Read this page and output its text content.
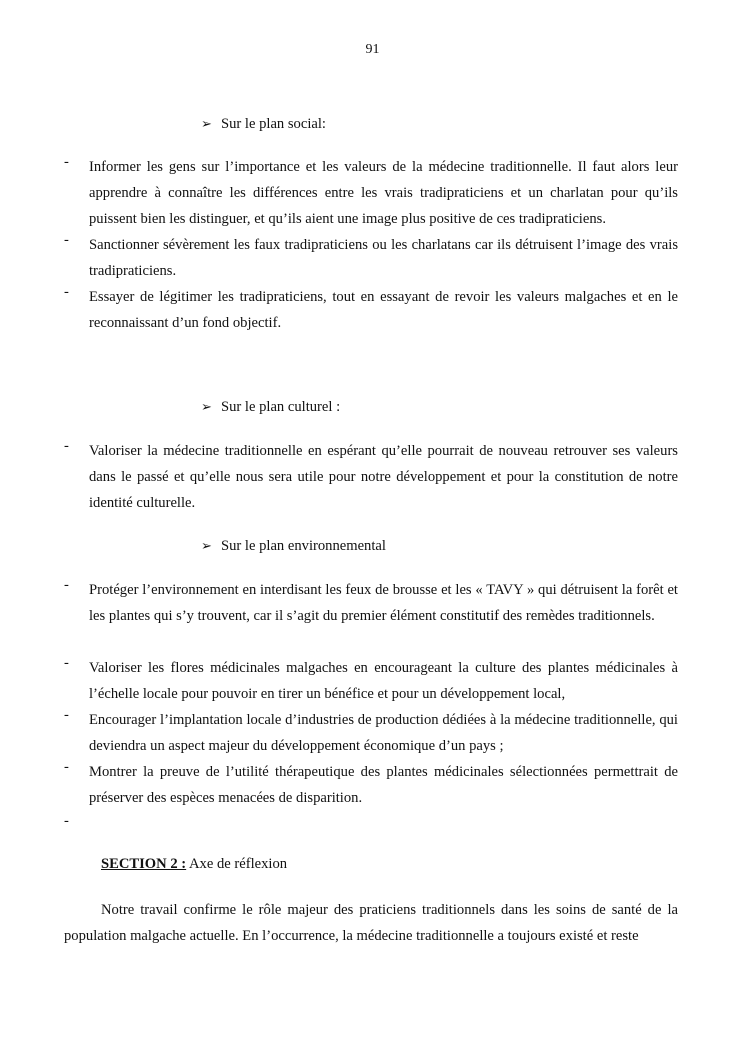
91
➢ Sur le plan social:
- Informer les gens sur l’importance et les valeurs de la médecine traditionnelle. Il faut alors leur apprendre à connaître les différences entre les vrais tradipraticiens et un charlatan pour qu’ils puissent bien les distinguer, et qu’ils aient une image plus positive de ces tradipraticiens.
- Sanctionner sévèrement les faux tradipraticiens ou les charlatans car ils détruisent l’image des vrais tradipraticiens.
- Essayer de légitimer les tradipraticiens, tout en essayant de revoir les valeurs malgaches et en le reconnaissant d’un fond objectif.
➢ Sur le plan culturel :
- Valoriser la médecine traditionnelle en espérant qu’elle pourrait de nouveau retrouver ses valeurs dans le passé et qu’elle nous sera utile pour notre développement et pour la constitution de notre identité culturelle.
➢ Sur le plan environnemental
- Protéger l’environnement en interdisant les feux de brousse et les « TAVY » qui détruisent la forêt et les plantes qui s’y trouvent, car il s’agit du premier élément constitutif des remèdes traditionnels.
- Valoriser les flores médicinales malgaches en encourageant la culture des plantes médicinales à l’échelle locale pour pouvoir en tirer un bénéfice et pour un développement local,
- Encourager l’implantation locale d’industries de production dédiées à la médecine traditionnelle, qui deviendra un aspect majeur du développement économique d’un pays ;
- Montrer la preuve de l’utilité thérapeutique des plantes médicinales sélectionnées permettrait de préserver des espèces menacées de disparition.
-
SECTION 2 : Axe de réflexion
Notre travail confirme le rôle majeur des praticiens traditionnels dans les soins de santé de la population malgache actuelle. En l’occurrence, la médecine traditionnelle a toujours existé et reste
